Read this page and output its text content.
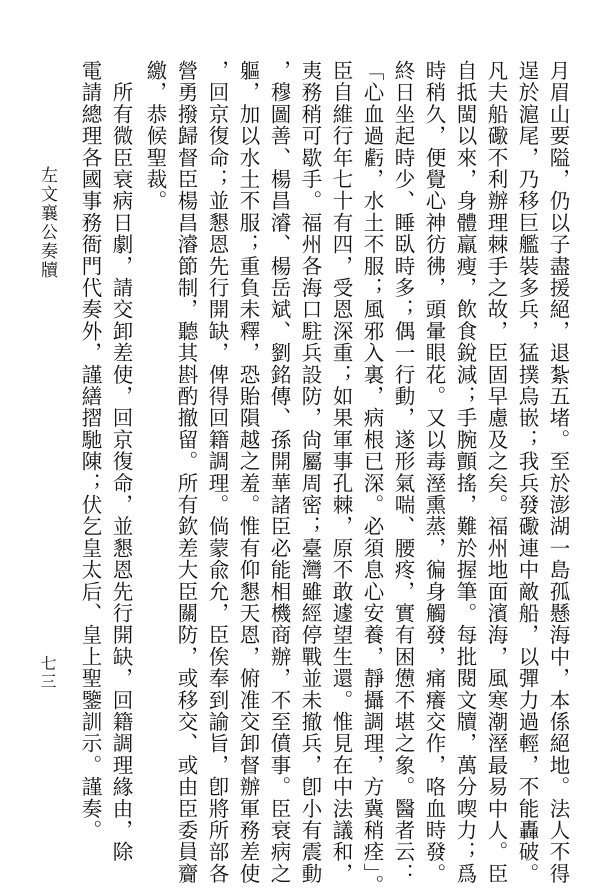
左文襄公奏牘
七三	月眉山要隘，仍以子盡援絕，退紮五堵。至於澎湖一島孤懸海中，本係絕地。法人不得
逞於滬尾，乃移巨艦裝多兵，猛撲烏嵌；我兵發礮連中敵船，以彈力過輕，不能轟破。
凡夫船礮不利辦理棘手之故，臣固早慮及之矣。福州地面濱海，風寒潮溼最易中人。臣
自抵閩以來，身體羸瘦，飲食銳減；手腕顫搖，難於握筆。每批閱文牘，萬分喫力；爲
時稍久，便覺心神彷彿，頭暈眼花。又以毒溼熏蒸，徧身觸發，痛癢交作，咯血時發。
終日坐起時少、睡臥時多；偶一行動，遂形氣喘、腰疼，實有困憊不堪之象。醫者云：
「心血過虧，水土不服；風邪入裏，病根已深。必須息心安養，靜攝調理，方冀稍痊」。
臣自維行年七十有四，受恩深重；如果軍事孔棘，原不敢遽望生還。惟見在中法議和，
夷務稍可歇手。福州各海口駐兵設防，尙屬周密；臺灣雖經停戰並未撤兵，卽小有震動
，穆圖善、楊昌濬、楊岳斌、劉銘傳、孫開華諸臣必能相機商辦，不至僨事。臣衰病之
軀，加以水土不服；重負未釋，恐貽隕越之羞。惟有仰懇天恩，俯准交卸督辦軍務差使
，回京復命；並懇恩先行開缺，俾得回籍調理。倘蒙兪允，臣俟奉到諭旨，卽將所部各
營勇撥歸督臣楊昌濬節制，聽其斟酌撤留。所有欽差大臣關防，或移交、或由臣委員齎
繳，恭候聖裁。
　所有微臣衰病日劇，請交卸差使，回京復命，並懇恩先行開缺，回籍調理緣由，除
電請總理各國事務衙門代奏外，謹繕摺馳陳；伏乞皇太后、皇上聖鑒訓示。謹奏。
